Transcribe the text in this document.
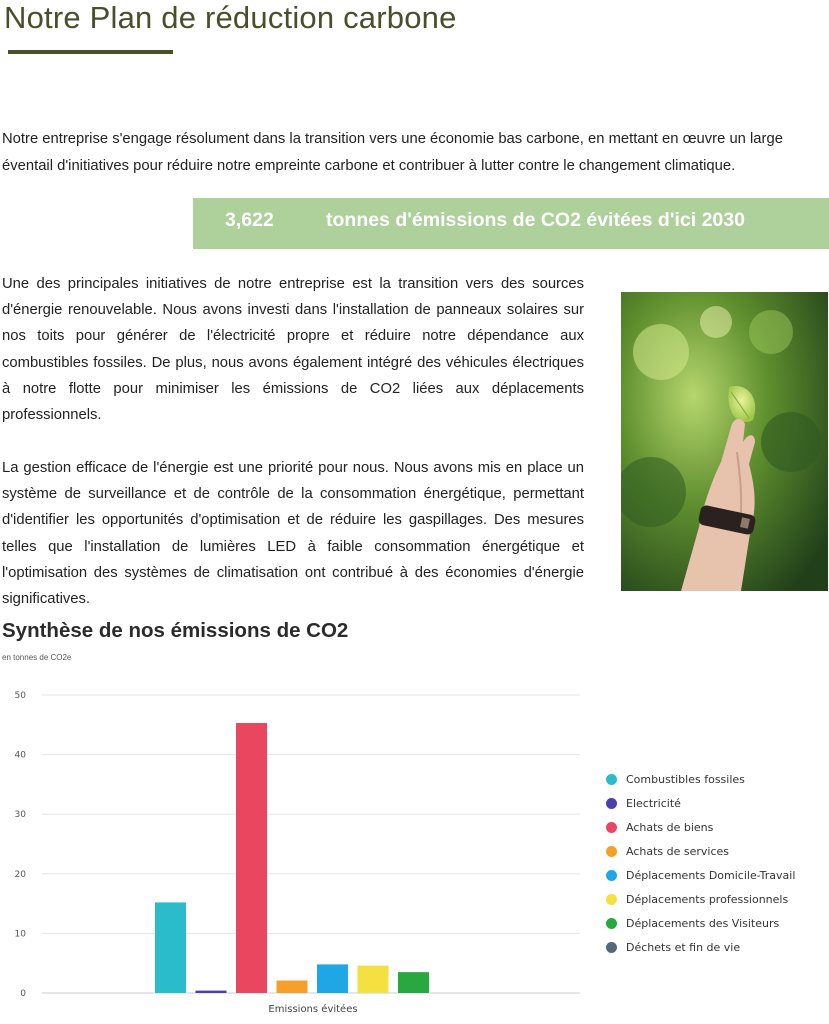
Notre Plan de réduction carbone

Notre entreprise s'engage résolument dans la transition vers une économie bas carbone, en mettant en œuvre un large éventail d'initiatives pour réduire notre empreinte carbone et contribuer à lutter contre le changement climatique.

3,622	tonnes d'émissions de CO2 évitées d'ici 2030

Une des principales initiatives de notre entreprise est la transition vers des sources d'énergie renouvelable. Nous avons investi dans l'installation de panneaux solaires sur nos toits pour générer de l'électricité propre et réduire notre dépendance aux combustibles fossiles. De plus, nous avons également intégré des véhicules électriques à notre flotte pour minimiser les émissions de CO2 liées aux déplacements professionnels.

La gestion efficace de l'énergie est une priorité pour nous. Nous avons mis en place un système de surveillance et de contrôle de la consommation énergétique, permettant d'identifier les opportunités d'optimisation et de réduire les gaspillages. Des mesures telles que l'installation de lumières LED à faible consommation énergétique et l'optimisation des systèmes de climatisation ont contribué à des économies d'énergie significatives.

Synthèse de nos émissions de CO2
en tonnes de CO2e
0
10
20
30
40
50
Emissions évitées
Combustibles fossiles
Electricité
Achats de biens
Achats de services
Déplacements Domicile-Travail
Déplacements professionnels
Déplacements des Visiteurs
Déchets et fin de vie
